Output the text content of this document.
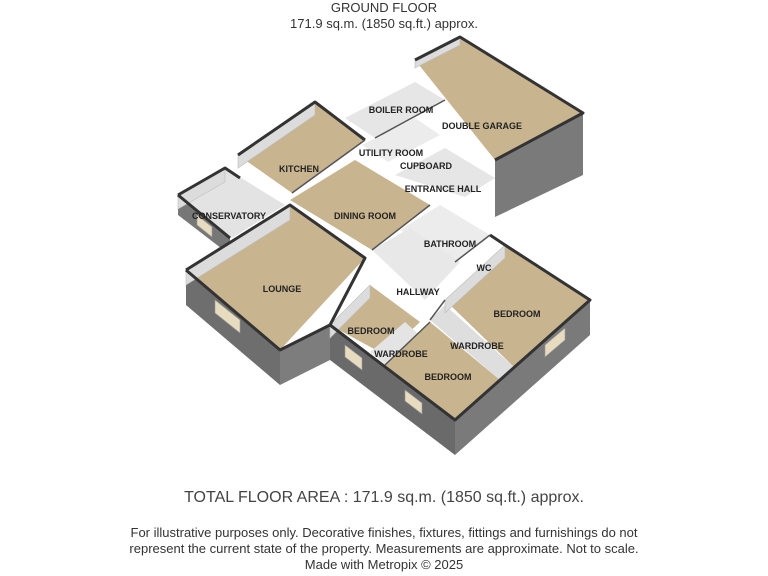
GROUND FLOOR
171.9 sq.m. (1850 sq.ft.) approx.
BOILER ROOM
DOUBLE GARAGE
KITCHEN
UTILITY ROOM
CUPBOARD
ENTRANCE HALL
CONSERVATORY	DINING ROOM
BATHROOM
WC
LOUNGE	HALLWAY
BEDROOM
BEDROOM
WARDROBE
WARDROBE
BEDROOM
TOTAL FLOOR AREA : 171.9 sq.m. (1850 sq.ft.) approx.
For illustrative purposes only. Decorative finishes, fixtures, fittings and furnishings do not
represent the current state of the property. Measurements are approximate. Not to scale.
Made with Metropix © 2025
